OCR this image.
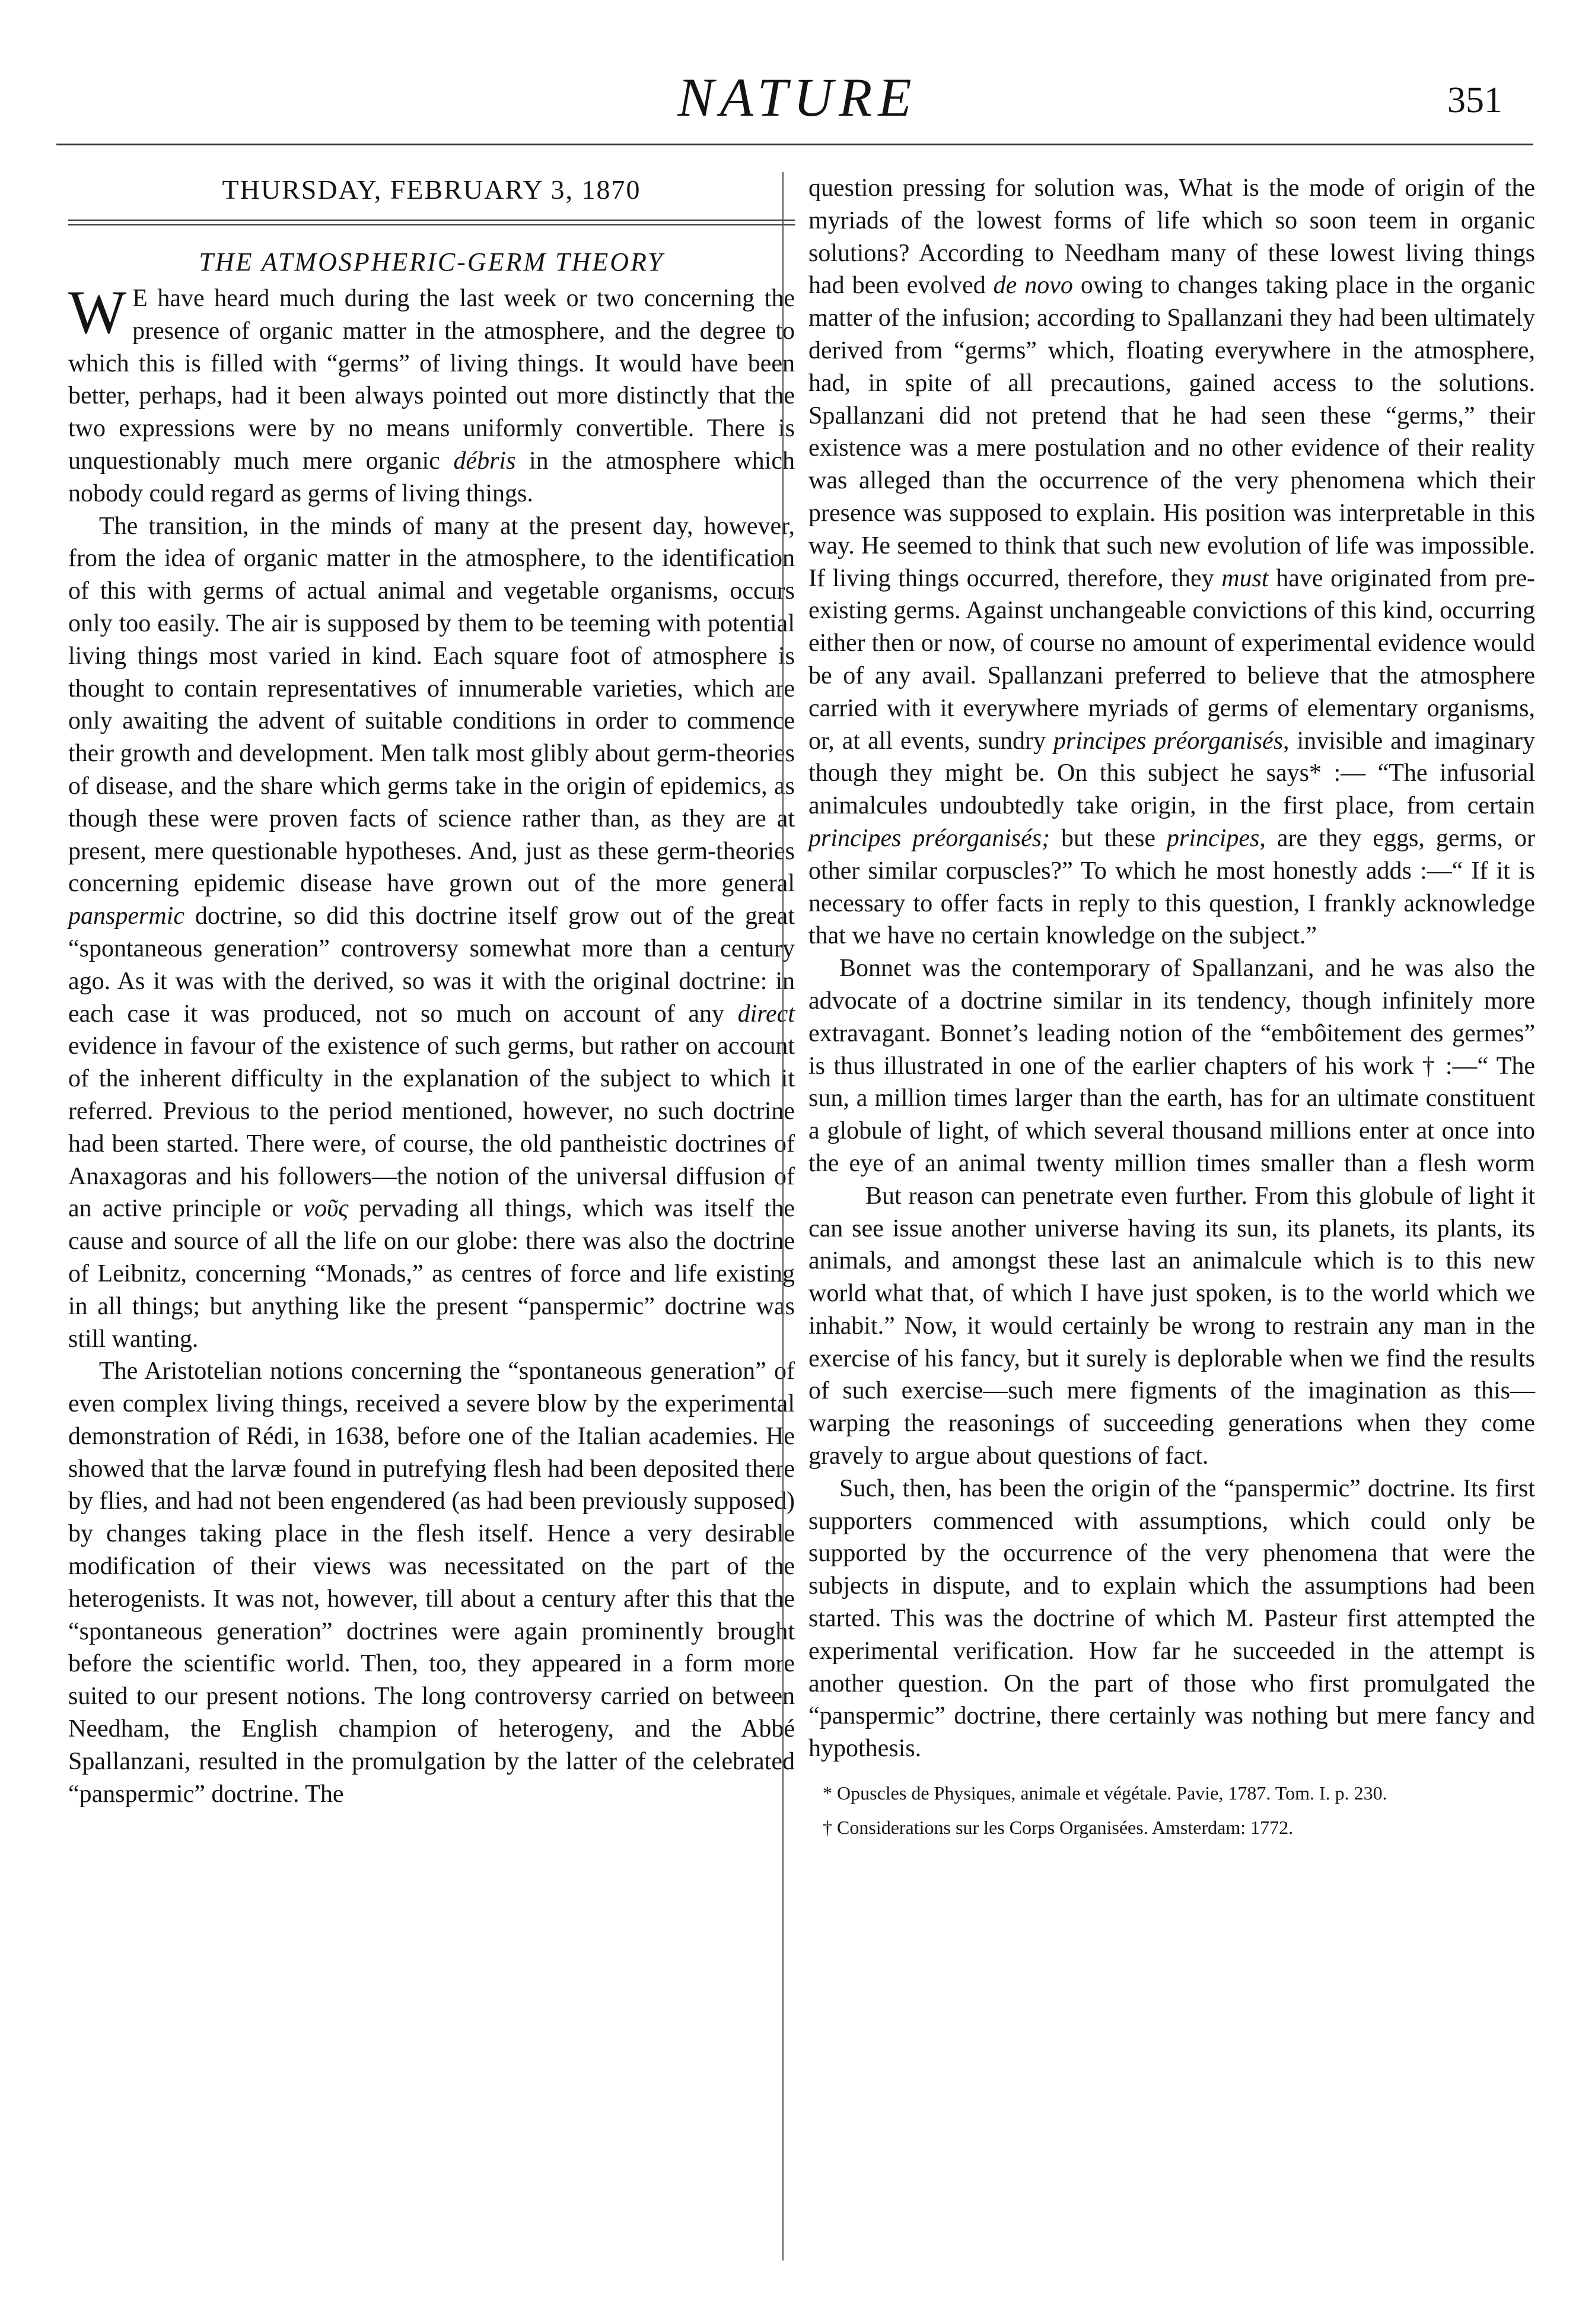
NATURE	351
THURSDAY, FEBRUARY 3, 1870
THE ATMOSPHERIC-GERM THEORY

W E have heard much during the last week or two concerning the presence of organic matter in the atmosphere, and the degree to which this is filled with “germs” of living things. It would have been better, perhaps, had it been always pointed out more distinctly that the two expressions were by no means uniformly convertible. There is unquestionably much mere organic débris in the atmosphere which nobody could regard as germs of living things.

The transition, in the minds of many at the present day, however, from the idea of organic matter in the atmosphere, to the identification of this with germs of actual animal and vegetable organisms, occurs only too easily. The air is supposed by them to be teeming with potential living things most varied in kind. Each square foot of atmosphere is thought to contain representatives of innumerable varieties, which are only awaiting the advent of suitable conditions in order to commence their growth and development. Men talk most glibly about germ-theories of disease, and the share which germs take in the origin of epidemics, as though these were proven facts of science rather than, as they are at present, mere questionable hypotheses. And, just as these germ-theories concerning epidemic disease have grown out of the more general panspermic doctrine, so did this doctrine itself grow out of the great “spontaneous generation” controversy somewhat more than a century ago. As it was with the derived, so was it with the original doctrine: in each case it was produced, not so much on account of any direct evidence in favour of the existence of such germs, but rather on account of the inherent difficulty in the explanation of the subject to which it referred. Previous to the period mentioned, however, no such doctrine had been started. There were, of course, the old pantheistic doctrines of Anaxagoras and his followers—the notion of the universal diffusion of an active principle or νoῦς pervading all things, which was itself the cause and source of all the life on our globe: there was also the doctrine of Leibnitz, concerning “Monads,” as centres of force and life existing in all things; but anything like the present “panspermic” doctrine was still wanting.

The Aristotelian notions concerning the “spontaneous generation” of even complex living things, received a severe blow by the experimental demonstration of Rédi, in 1638, before one of the Italian academies. He showed that the larvæ found in putrefying flesh had been deposited there by flies, and had not been engendered (as had been previously supposed) by changes taking place in the flesh itself. Hence a very desirable modification of their views was necessitated on the part of the heterogenists. It was not, however, till about a century after this that the “spontaneous generation” doctrines were again prominently brought before the scientific world. Then, too, they appeared in a form more suited to our present notions. The long controversy carried on between Needham, the English champion of heterogeny, and the Abbé Spallanzani, resulted in the promulgation by the latter of the celebrated “panspermic” doctrine. The

question pressing for solution was, What is the mode of origin of the myriads of the lowest forms of life which so soon teem in organic solutions? According to Needham many of these lowest living things had been evolved de novo owing to changes taking place in the organic matter of the infusion; according to Spallanzani they had been ultimately derived from “germs” which, floating everywhere in the atmosphere, had, in spite of all precautions, gained access to the solutions. Spallanzani did not pretend that he had seen these “germs,” their existence was a mere postulation and no other evidence of their reality was alleged than the occurrence of the very phenomena which their presence was supposed to explain. His position was interpretable in this way. He seemed to think that such new evolution of life was impossible. If living things occurred, therefore, they must have originated from pre-existing germs. Against unchangeable convictions of this kind, occurring either then or now, of course no amount of experimental evidence would be of any avail. Spallanzani preferred to believe that the atmosphere carried with it everywhere myriads of germs of elementary organisms, or, at all events, sundry principes préorganisés, invisible and imaginary though they might be. On this subject he says* :— “The infusorial animalcules undoubtedly take origin, in the first place, from certain principes préorganisés; but these principes, are they eggs, germs, or other similar corpuscles?” To which he most honestly adds :—“ If it is necessary to offer facts in reply to this question, I frankly acknowledge that we have no certain knowledge on the subject.”

Bonnet was the contemporary of Spallanzani, and he was also the advocate of a doctrine similar in its tendency, though infinitely more extravagant. Bonnet’s leading notion of the “embôitement des germes” is thus illustrated in one of the earlier chapters of his work † :—“ The sun, a million times larger than the earth, has for an ultimate constituent a globule of light, of which several thousand millions enter at once into the eye of an animal twenty million times smaller than a flesh worm    But reason can penetrate even further. From this globule of light it can see issue another universe having its sun, its planets, its plants, its animals, and amongst these last an animalcule which is to this new world what that, of which I have just spoken, is to the world which we inhabit.” Now, it would certainly be wrong to restrain any man in the exercise of his fancy, but it surely is deplorable when we find the results of such exercise—such mere figments of the imagination as this—warping the reasonings of succeeding generations when they come gravely to argue about questions of fact.

Such, then, has been the origin of the “panspermic” doctrine. Its first supporters commenced with assumptions, which could only be supported by the occurrence of the very phenomena that were the subjects in dispute, and to explain which the assumptions had been started. This was the doctrine of which M. Pasteur first attempted the experimental verification. How far he succeeded in the attempt is another question. On the part of those who first promulgated the “panspermic” doctrine, there certainly was nothing but mere fancy and hypothesis.

* Opuscles de Physiques, animale et végétale. Pavie, 1787. Tom. I. p. 230.

† Considerations sur les Corps Organisées. Amsterdam: 1772.
